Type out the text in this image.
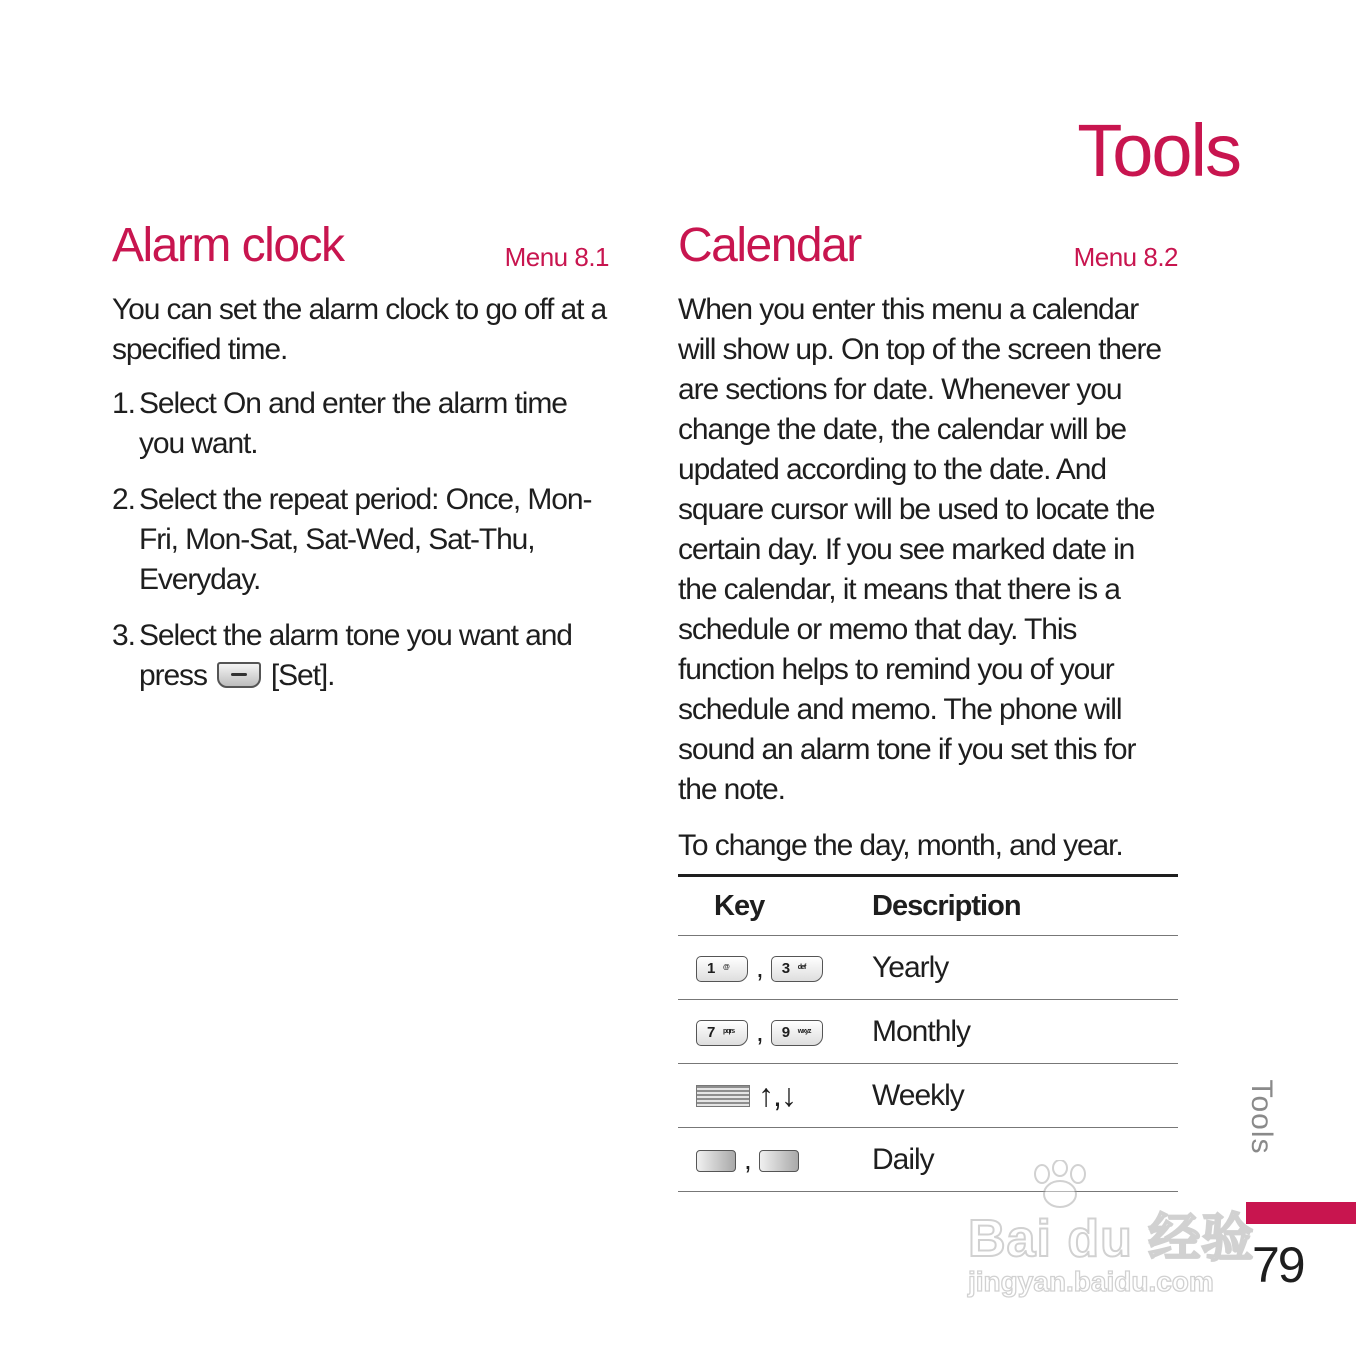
Tools
Alarm clock	Menu 8.1

You can set the alarm clock to go off at a specified time.

1. Select On and enter the alarm time you want.
2. Select the repeat period: Once, Mon-Fri, Mon-Sat, Sat-Wed, Sat-Thu, Everyday.
3. Select the alarm tone you want and press [Set].
Calendar	Menu 8.2

When you enter this menu a calendar will show up. On top of the screen there are sections for date. Whenever you change the date, the calendar will be updated according to the date. And square cursor will be used to locate the certain day. If you see marked date in the calendar, it means that there is a schedule or memo that day. This function helps to remind you of your schedule and memo. The phone will sound an alarm tone if you set this for the note.

To change the day, month, and year.

Key	Description

1 @ , 3 def	Yearly

7 pqrs , 9 wxyz	Monthly
↑,↓	Weekly
,	Daily
Tools
79
Bai du 经验
jingyan.baidu.com
